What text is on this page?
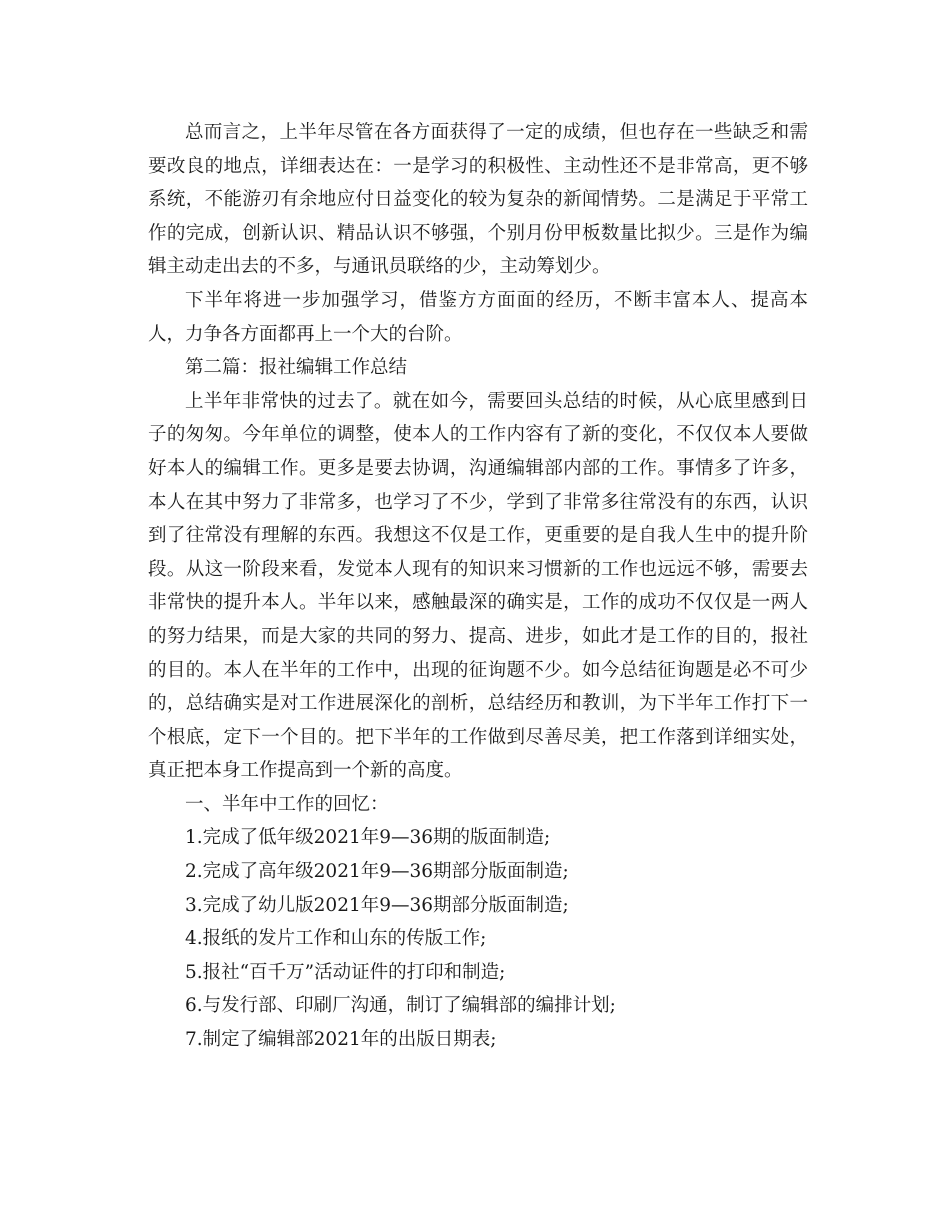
总而言之，上半年尽管在各方面获得了一定的成绩，但也存在一些缺乏和需要改良的地点，详细表达在：一是学习的积极性、主动性还不是非常高，更不够系统，不能游刃有余地应付日益变化的较为复杂的新闻情势。二是满足于平常工作的完成，创新认识、精品认识不够强，个别月份甲板数量比拟少。三是作为编辑主动走出去的不多，与通讯员联络的少，主动筹划少。

下半年将进一步加强学习，借鉴方方面面的经历，不断丰富本人、提高本人，力争各方面都再上一个大的台阶。

第二篇：报社编辑工作总结

上半年非常快的过去了。就在如今，需要回头总结的时候，从心底里感到日子的匆匆。今年单位的调整，使本人的工作内容有了新的变化，不仅仅本人要做好本人的编辑工作。更多是要去协调，沟通编辑部内部的工作。事情多了许多，本人在其中努力了非常多，也学习了不少，学到了非常多往常没有的东西，认识到了往常没有理解的东西。我想这不仅是工作，更重要的是自我人生中的提升阶段。从这一阶段来看，发觉本人现有的知识来习惯新的工作也远远不够，需要去非常快的提升本人。半年以来，感触最深的确实是，工作的成功不仅仅是一两人的努力结果，而是大家的共同的努力、提高、进步，如此才是工作的目的，报社的目的。本人在半年的工作中，出现的征询题不少。如今总结征询题是必不可少的，总结确实是对工作进展深化的剖析，总结经历和教训，为下半年工作打下一个根底，定下一个目的。把下半年的工作做到尽善尽美，把工作落到详细实处，真正把本身工作提高到一个新的高度。

一、半年中工作的回忆：

1.完成了低年级2021年9—36期的版面制造;

2.完成了高年级2021年9—36期部分版面制造;

3.完成了幼儿版2021年9—36期部分版面制造;

4.报纸的发片工作和山东的传版工作;

5.报社“百千万”活动证件的打印和制造;

6.与发行部、印刷厂沟通，制订了编辑部的编排计划;

7.制定了编辑部2021年的出版日期表;
